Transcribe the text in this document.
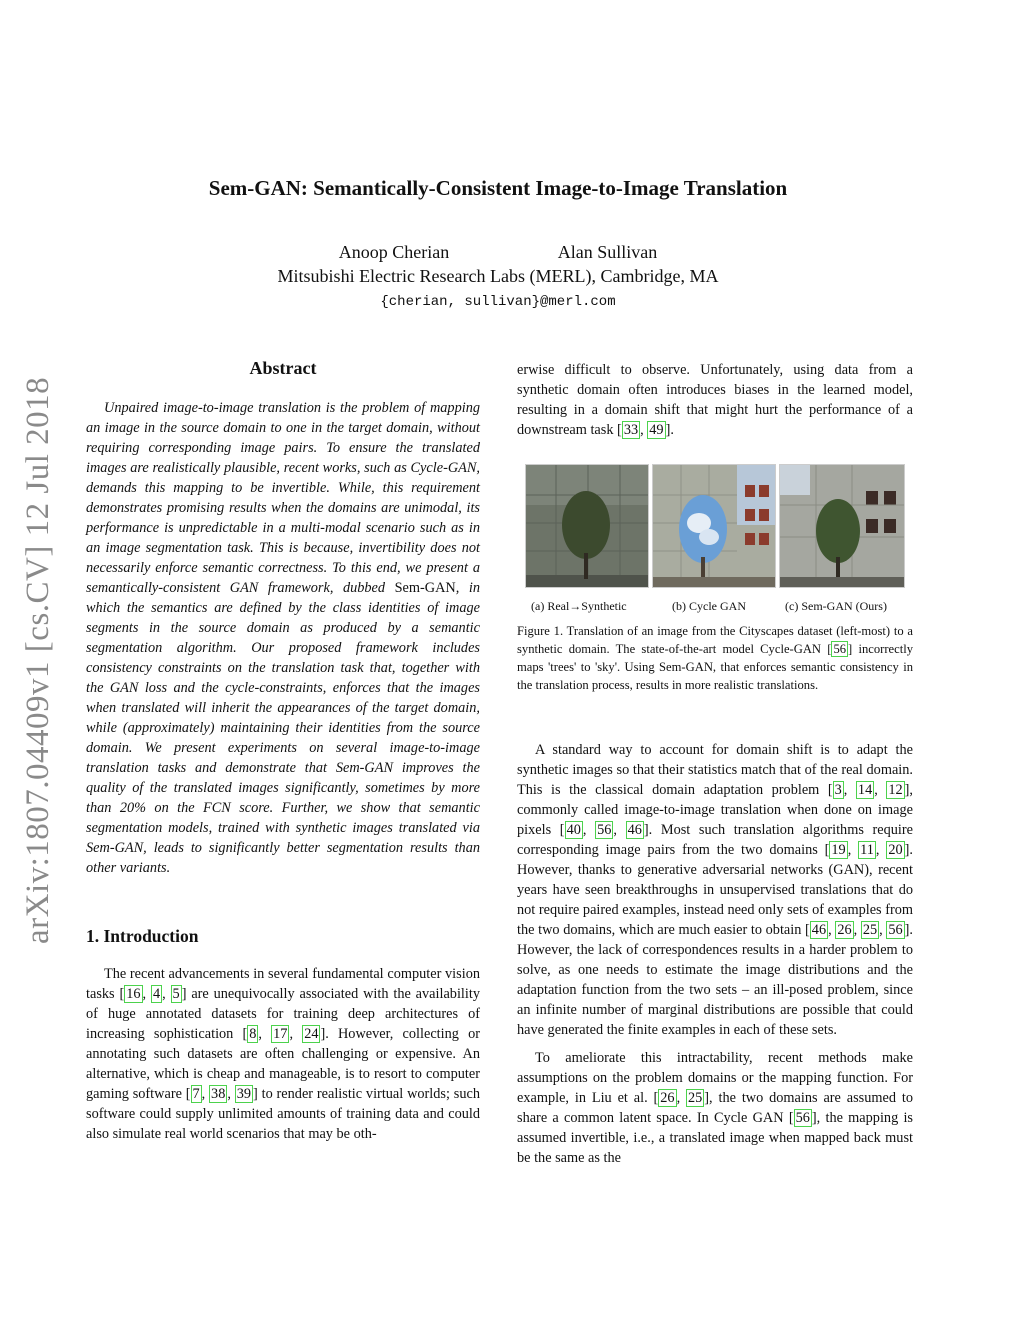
arXiv:1807.04409v1 [cs.CV] 12 Jul 2018
Sem-GAN: Semantically-Consistent Image-to-Image Translation
Anoop Cherian	Alan Sullivan
Mitsubishi Electric Research Labs (MERL), Cambridge, MA
{cherian, sullivan}@merl.com
Abstract

Unpaired image-to-image translation is the problem of mapping an image in the source domain to one in the target domain, without requiring corresponding image pairs. To ensure the translated images are realistically plausible, recent works, such as Cycle-GAN, demands this mapping to be invertible. While, this requirement demonstrates promising results when the domains are unimodal, its performance is unpredictable in a multi-modal scenario such as in an image segmentation task. This is because, invertibility does not necessarily enforce semantic correctness. To this end, we present a semantically-consistent GAN framework, dubbed Sem-GAN, in which the semantics are defined by the class identities of image segments in the source domain as produced by a semantic segmentation algorithm. Our proposed framework includes consistency constraints on the translation task that, together with the GAN loss and the cycle-constraints, enforces that the images when translated will inherit the appearances of the target domain, while (approximately) maintaining their identities from the source domain. We present experiments on several image-to-image translation tasks and demonstrate that Sem-GAN improves the quality of the translated images significantly, sometimes by more than 20% on the FCN score. Further, we show that semantic segmentation models, trained with synthetic images translated via Sem-GAN, leads to significantly better segmentation results than other variants.

1. Introduction

The recent advancements in several fundamental computer vision tasks [ 16 , 4 , 5 ] are unequivocally associated with the availability of huge annotated datasets for training deep architectures of increasing sophistication [ 8 , 17 , 24 ]. However, collecting or annotating such datasets are often challenging or expensive. An alternative, which is cheap and manageable, is to resort to computer gaming software [ 7 , 38 , 39 ] to render realistic virtual worlds; such software could supply unlimited amounts of training data and could also simulate real world scenarios that may be oth-

erwise difficult to observe. Unfortunately, using data from a synthetic domain often introduces biases in the learned model, resulting in a domain shift that might hurt the performance of a downstream task [ 33 , 49 ].

(a) Real→Synthetic	(b) Cycle GAN	(c) Sem-GAN (Ours)
Figure 1. Translation of an image from the Cityscapes dataset (left-most) to a synthetic domain. The state-of-the-art model Cycle-GAN [ 56 ] incorrectly maps 'trees' to 'sky'. Using Sem-GAN, that enforces semantic consistency in the translation process, results in more realistic translations.

A standard way to account for domain shift is to adapt the synthetic images so that their statistics match that of the real domain. This is the classical domain adaptation problem [ 3 , 14 , 12 ], commonly called image-to-image translation when done on image pixels [ 40 , 56 , 46 ]. Most such translation algorithms require corresponding image pairs from the two domains [ 19 , 11 , 20 ]. However, thanks to generative adversarial networks (GAN), recent years have seen breakthroughs in unsupervised translations that do not require paired examples, instead need only sets of examples from the two domains, which are much easier to obtain [ 46 , 26 , 25 , 56 ]. However, the lack of correspondences results in a harder problem to solve, as one needs to estimate the image distributions and the adaptation function from the two sets – an ill-posed problem, since an infinite number of marginal distributions are possible that could have generated the finite examples in each of these sets.

To ameliorate this intractability, recent methods make assumptions on the problem domains or the mapping function. For example, in Liu et al. [ 26 , 25 ], the two domains are assumed to share a common latent space. In Cycle GAN [ 56 ], the mapping is assumed invertible, i.e., a translated image when mapped back must be the same as the
